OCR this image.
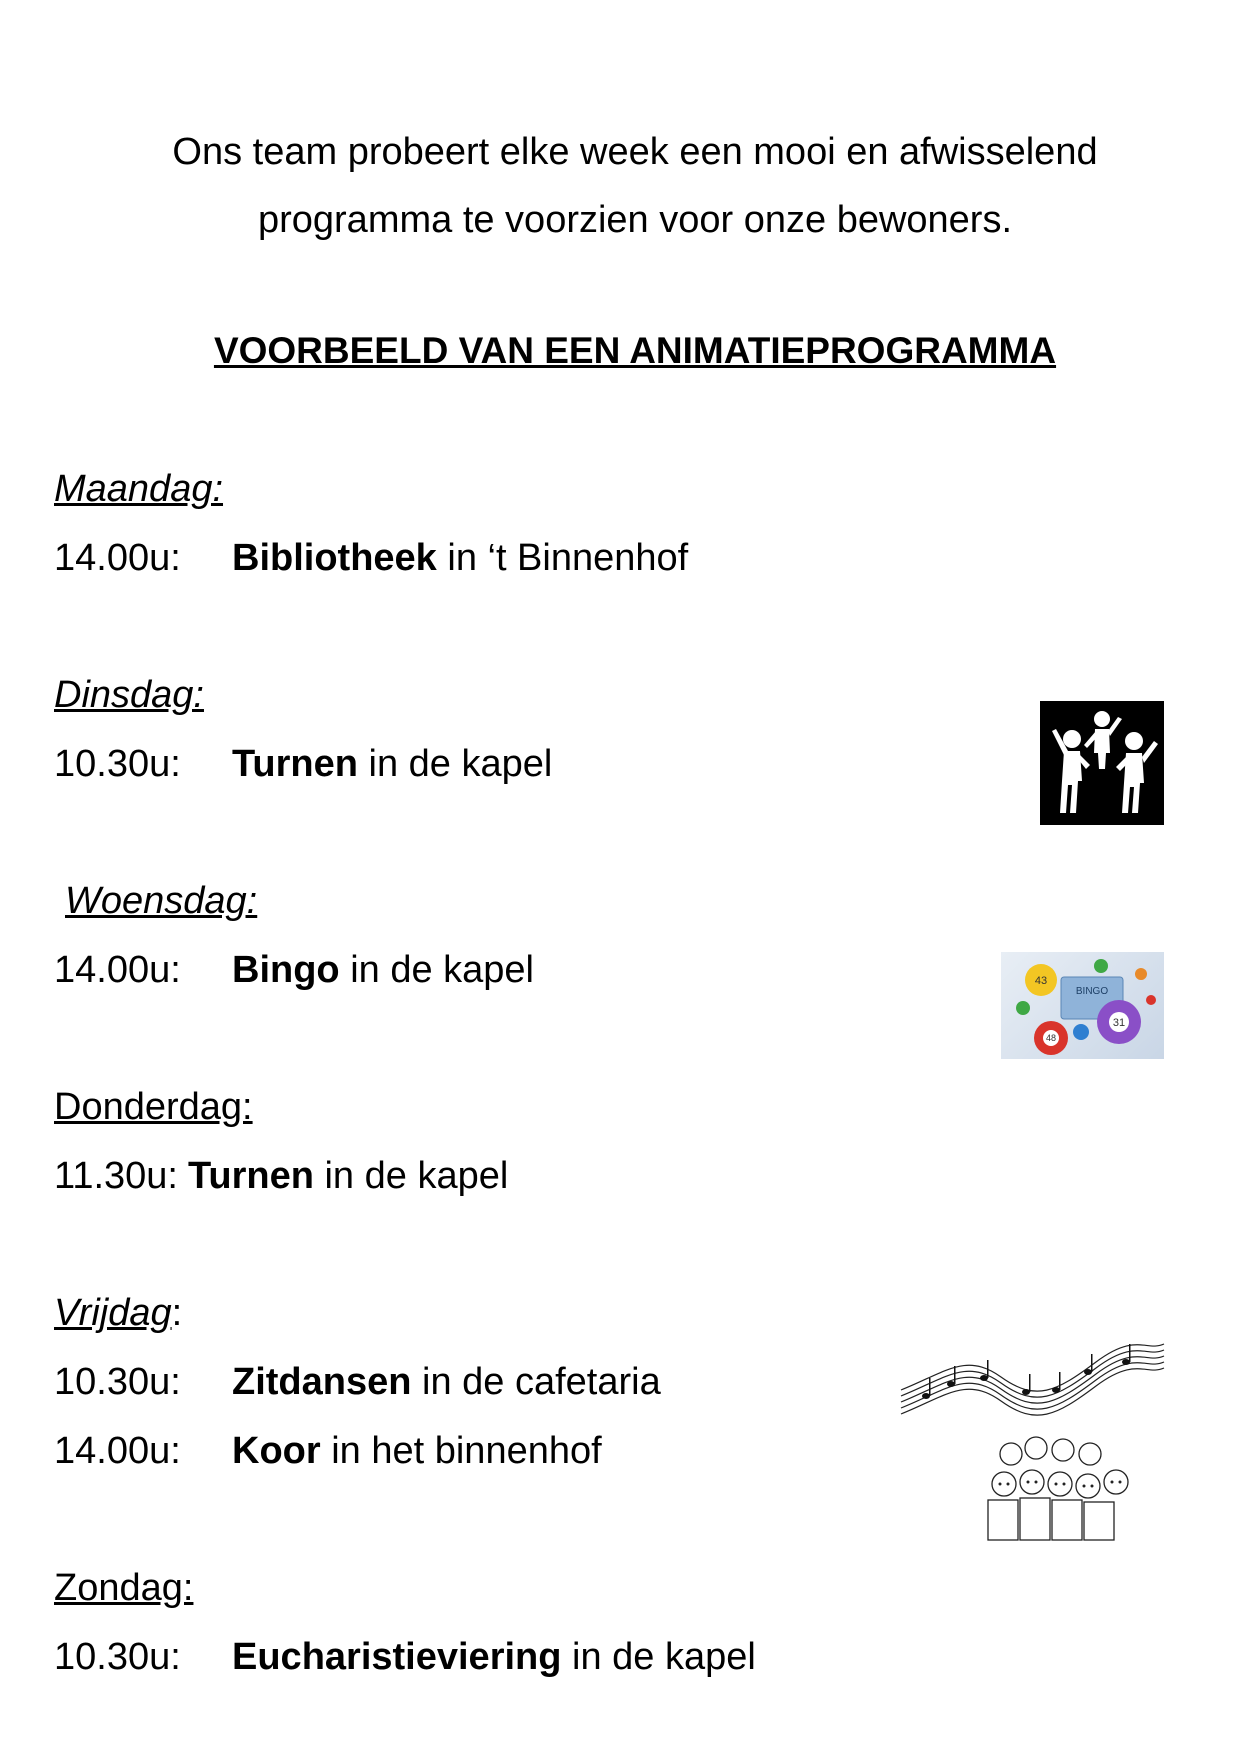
Ons team probeert elke week een mooi en afwisselend
programma te voorzien voor onze bewoners.
VOORBEELD VAN EEN ANIMATIEPROGRAMMA
Maandag:
14.00u: Bibliotheek in ‘t Binnenhof
Dinsdag:
10.30u: Turnen in de kapel
Woensdag:
14.00u: Bingo in de kapel
Donderdag:
11.30u: Turnen in de kapel
Vrijdag:
10.30u: Zitdansen in de cafetaria
14.00u: Koor in het binnenhof
Zondag:
10.30u: Eucharistieviering in de kapel
BINGO
43
31
48
